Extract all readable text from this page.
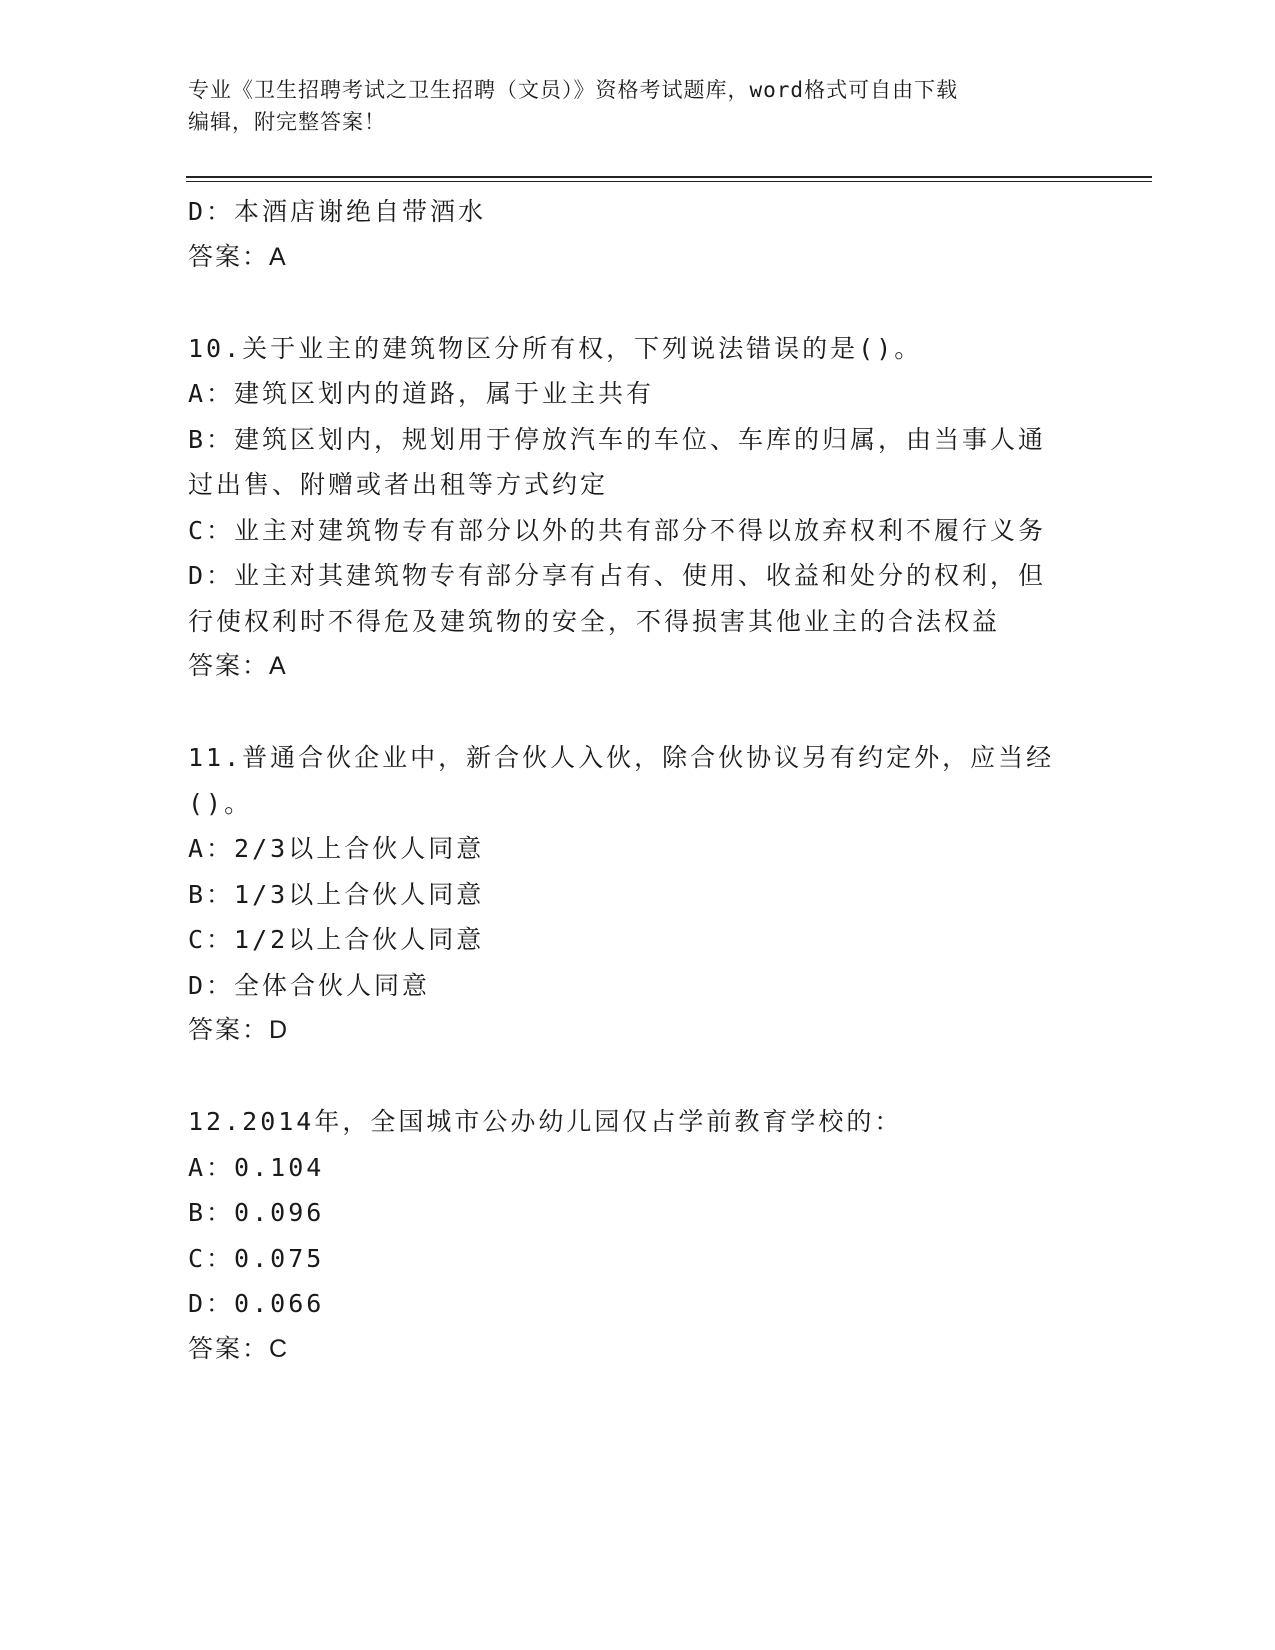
专业《卫生招聘考试之卫生招聘（文员）》资格考试题库，word格式可自由下载
编辑，附完整答案！
D：本酒店谢绝自带酒水
答案：A
10.关于业主的建筑物区分所有权，下列说法错误的是()。
A：建筑区划内的道路，属于业主共有
B：建筑区划内，规划用于停放汽车的车位、车库的归属，由当事人通
过出售、附赠或者出租等方式约定
C：业主对建筑物专有部分以外的共有部分不得以放弃权利不履行义务
D：业主对其建筑物专有部分享有占有、使用、收益和处分的权利，但
行使权利时不得危及建筑物的安全，不得损害其他业主的合法权益
答案：A
11.普通合伙企业中，新合伙人入伙，除合伙协议另有约定外，应当经
()。
A：2/3以上合伙人同意
B：1/3以上合伙人同意
C：1/2以上合伙人同意
D：全体合伙人同意
答案：D
12.2014年，全国城市公办幼儿园仅占学前教育学校的：
A：0.104
B：0.096
C：0.075
D：0.066
答案：C
